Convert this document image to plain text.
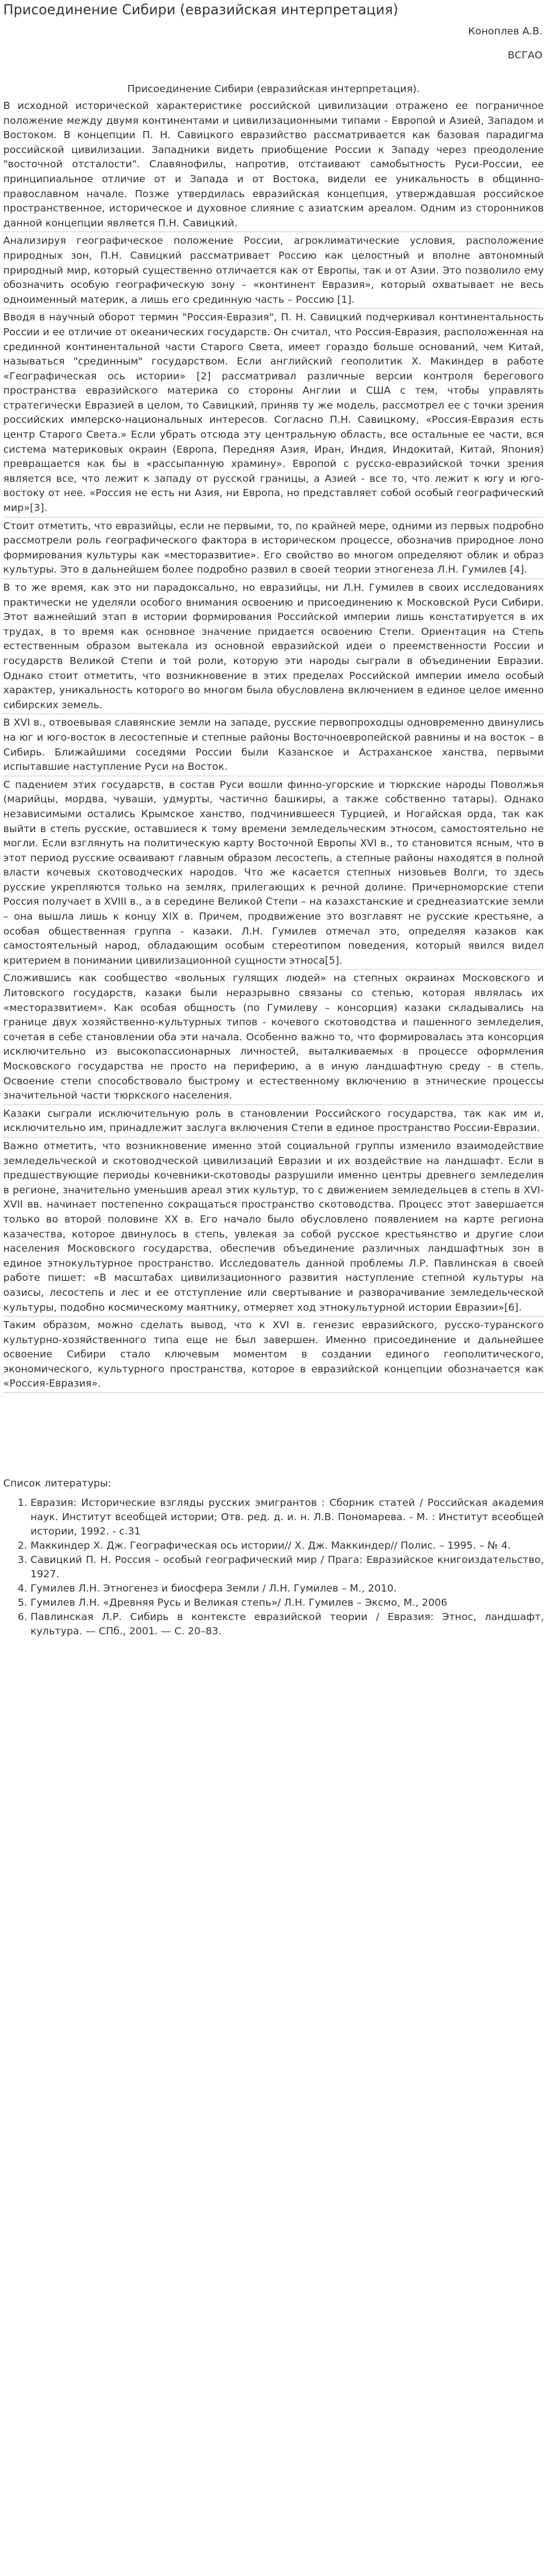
Присоединение Сибири (евразийская интерпретация)
Коноплев А.В.
ВСГАО
Присоединение Сибири (евразийская интерпретация).

В исходной исторической характеристике российской цивилизации отражено ее пограничное положение между двумя континентами и цивилизационными типами - Европой и Азией, Западом и Востоком. В концепции П. Н. Савицкого евразийство рассматривается как базовая парадигма российской цивилизации. Западники видеть приобщение России к Западу через преодоление "восточной отсталости". Славянофилы, напротив, отстаивают самобытность Руси-России, ее принципиальное отличие от и Запада и от Востока, видели ее уникальность в общинно-православном начале. Позже утвердилась евразийская концепция, утверждавшая российское пространственное, историческое и духовное слияние с азиатским ареалом. Одним из сторонников данной концепции является П.Н. Савицкий.

Анализируя географическое положение России, агроклиматические условия, расположение природных зон, П.Н. Савицкий рассматривает Россию как целостный и вполне автономный природный мир, который существенно отличается как от Европы, так и от Азии. Это позволило ему обозначить особую географическую зону – «континент Евразия», который охватывает не весь одноименный материк, а лишь его срединную часть – Россию [1].

Вводя в научный оборот термин "Россия-Евразия", П. Н. Савицкий подчеркивал континентальность России и ее отличие от океанических государств. Он считал, что Россия-Евразия, расположенная на срединной континентальной части Старого Света, имеет гораздо больше оснований, чем Китай, называться "срединным" государством. Если английский геополитик Х. Макиндер в работе «Географическая ось истории» [2] рассматривал различные версии контроля берегового пространства евразийского материка со стороны Англии и США с тем, чтобы управлять стратегически Евразией в целом, то Савицкий, приняв ту же модель, рассмотрел ее с точки зрения российских имперско-национальных интересов. Согласно П.Н. Савицкому, «Россия-Евразия есть центр Старого Света.» Если убрать отсюда эту центральную область, все остальные ее части, вся система материковых окраин (Европа, Передняя Азия, Иран, Индия, Индокитай, Китай, Япония) превращается как бы в «рассыпанную храмину». Европой с русско-евразийской точки зрения является все, что лежит к западу от русской границы, а Азией - все то, что лежит к югу и юго-востоку от нее. «Россия не есть ни Азия, ни Европа, но представляет собой особый географический мир»[3].

Стоит отметить, что евразийцы, если не первыми, то, по крайней мере, одними из первых подробно рассмотрели роль географического фактора в историческом процессе, обозначив природное лоно формирования культуры как «месторазвитие». Его свойство во многом определяют облик и образ культуры. Это в дальнейшем более подробно развил в своей теории этногенеза Л.Н. Гумилев [4].

В то же время, как это ни парадоксально, но евразийцы, ни Л.Н. Гумилев в своих исследованиях практически не уделяли особого внимания освоению и присоединению к Московской Руси Сибири. Этот важнейший этап в истории формирования Российской империи лишь констатируется в их трудах, в то время как основное значение придается освоению Степи. Ориентация на Степь естественным образом вытекала из основной евразийской идеи о преемственности России и государств Великой Степи и той роли, которую эти народы сыграли в объединении Евразии. Однако стоит отметить, что возникновение в этих пределах Российской империи имело особый характер, уникальность которого во многом была обусловлена включением в единое целое именно сибирских земель.

В XVI в., отвоевывая славянские земли на западе, русские первопроходцы одновременно двинулись на юг и юго-восток в лесостепные и степные районы Восточноевропейской равнины и на восток – в Сибирь. Ближайшими соседями России были Казанское и Астраханское ханства, первыми испытавшие наступление Руси на Восток.

С падением этих государств, в состав Руси вошли финно-угорские и тюркские народы Поволжья (марийцы, мордва, чуваши, удмурты, частично башкиры, а также собственно татары). Однако независимыми остались Крымское ханство, подчинившееся Турцией, и Ногайская орда, так как выйти в степь русские, оставшиеся к тому времени земледельческим этносом, самостоятельно не могли. Если взглянуть на политическую карту Восточной Европы XVI в., то становится ясным, что в этот период русские осваивают главным образом лесостепь, а степные районы находятся в полной власти кочевых скотоводческих народов. Что же касается степных низовьев Волги, то здесь русские укрепляются только на землях, прилегающих к речной долине. Причерноморские степи Россия получает в XVIII в., а в середине Великой Степи – на казахстанские и среднеазиатские земли – она вышла лишь к концу XIX в. Причем, продвижение это возглавят не русские крестьяне, а особая общественная группа - казаки. Л.Н. Гумилев отмечал это, определяя казаков как самостоятельный народ, обладающим особым стереотипом поведения, который явился видел критерием в понимании цивилизационной сущности этноса[5].

Сложившись как сообщество «вольных гулящих людей» на степных окраинах Московского и Литовского государств, казаки были неразрывно связаны со степью, которая являлась их «месторазвитием». Как особая общность (по Гумилеву – консорция) казаки складывались на границе двух хозяйственно-культурных типов - кочевого скотоводства и пашенного земледелия, сочетая в себе становлении оба эти начала. Особенно важно то, что формировалась эта консорция исключительно из высокопассионарных личностей, выталкиваемых в процессе оформления Московского государства не просто на периферию, а в иную ландшафтную среду - в степь. Освоение степи способствовало быстрому и естественному включению в этнические процессы значительной части тюркского населения.

Казаки сыграли исключительную роль в становлении Российского государства, так как им и, исключительно им, принадлежит заслуга включения Степи в единое пространство России-Евразии.

Важно отметить, что возникновение именно этой социальной группы изменило взаимодействие земледельческой и скотоводческой цивилизаций Евразии и их воздействие на ландшафт. Если в предшествующие периоды кочевники-скотоводы разрушили именно центры древнего земледелия в регионе, значительно уменьшив ареал этих культур, то с движением земледельцев в степь в XVI-XVII вв. начинает постепенно сокращаться пространство скотоводства. Процесс этот завершается только во второй половине XX в. Его начало было обусловлено появлением на карте региона казачества, которое двинулось в степь, увлекая за собой русское крестьянство и другие слои населения Московского государства, обеспечив объединение различных ландшафтных зон в единое этнокультурное пространство. Исследователь данной проблемы Л.Р. Павлинская в своей работе пишет: «В масштабах цивилизационного развития наступление степной культуры на оазисы, лесостепь и лес и ее отступление или свертывание и разворачивание земледельческой культуры, подобно космическому маятнику, отмеряет ход этнокультурной истории Евразии»[6].

Таким образом, можно сделать вывод, что к XVI в. генезис евразийского, русско-туранского культурно-хозяйственного типа еще не был завершен. Именно присоединение и дальнейшее освоение Сибири стало ключевым моментом в создании единого геополитического, экономического, культурного пространства, которое в евразийской концепции обозначается как «Россия-Евразия».

Список литературы:

1. Евразия: Исторические взгляды русских эмигрантов : Сборник статей / Российская академия наук. Институт всеобщей истории; Отв. ред. д. и. н. Л.В. Пономарева. - М. : Институт всеобщей истории, 1992. - с.31
2. Маккиндер Х. Дж. Географическая ось истории// Х. Дж. Маккиндер// Полис. – 1995. – № 4.
3. Савицкий П. Н. Россия – особый географический мир / Прага: Евразийское книгоиздательство, 1927.
4. Гумилев Л.Н. Этногенез и биосфера Земли / Л.Н. Гумилев – М., 2010.
5. Гумилев Л.Н. «Древняя Русь и Великая степь»/ Л.Н. Гумилев – Эксмо, М., 2006
6. Павлинская Л.Р. Сибирь в контексте евразийской теории / Евразия: Этнос, ландшафт, культура. — СПб., 2001. — С. 20–83.
